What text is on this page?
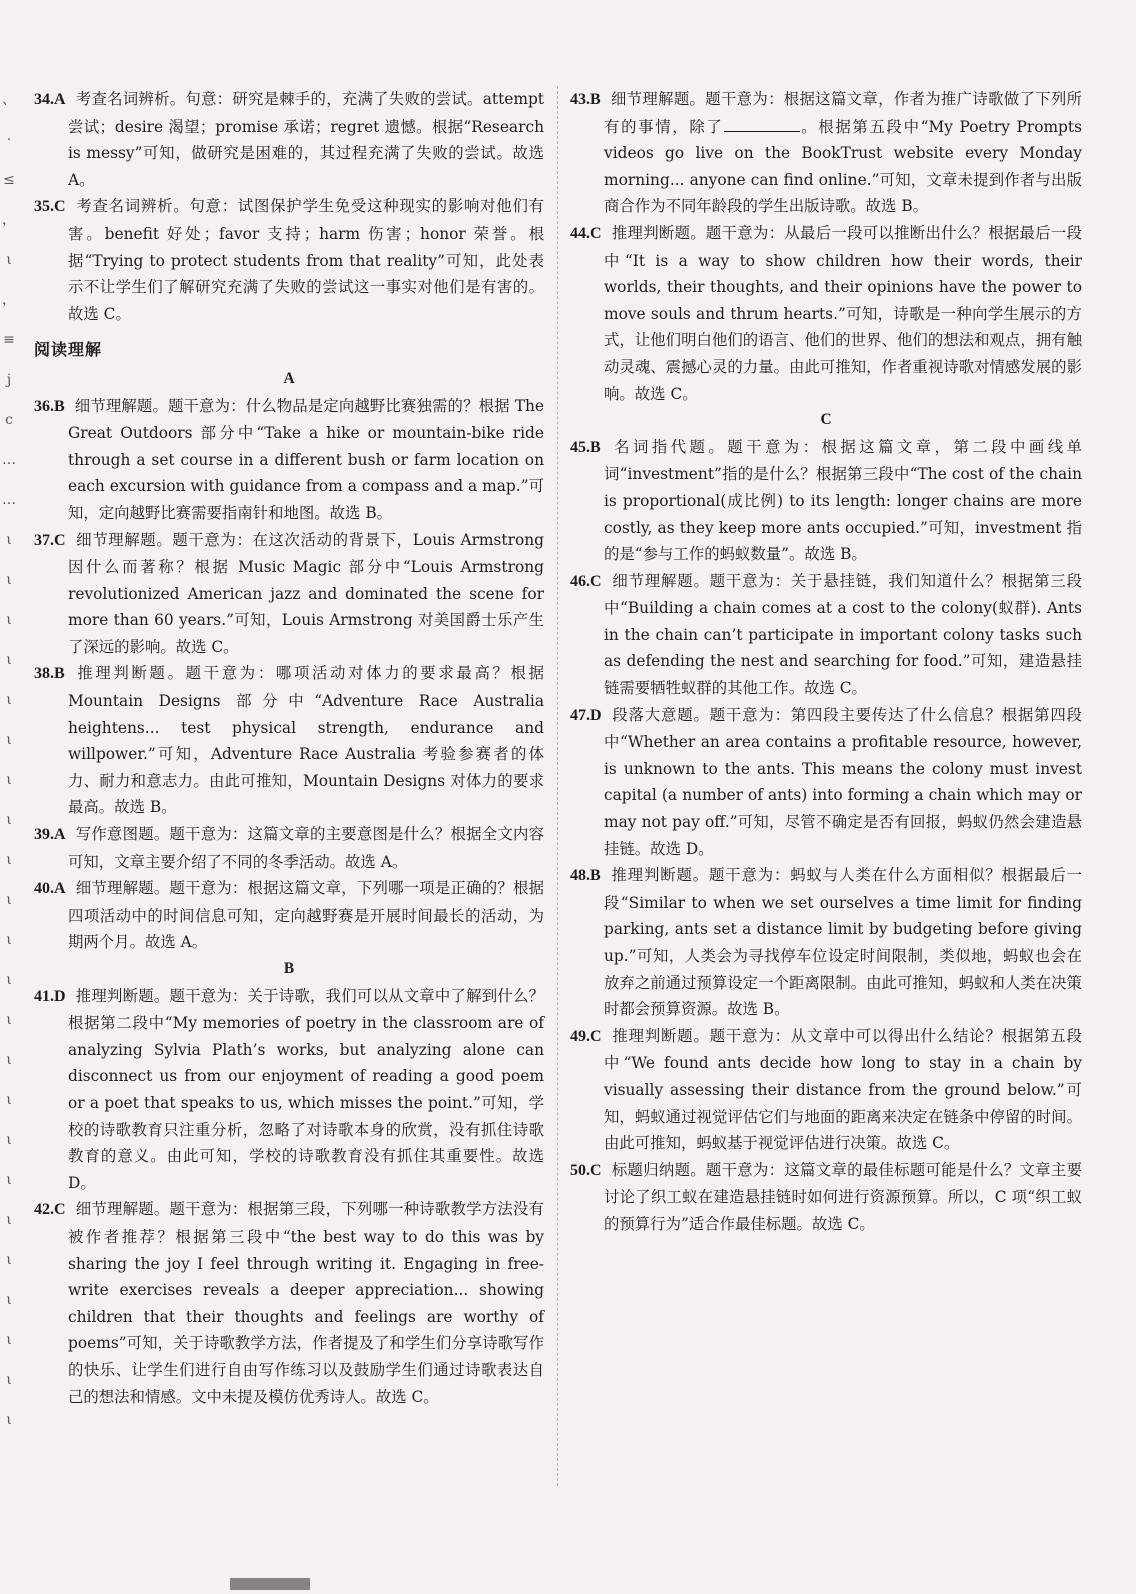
、
·
≤
，
ι
，
≡
j
c
…
…
ι
ι
ι
ι
ι
ι
ι
ι
ι
ι
ι
ι
ι
ι
ι
ι
ι
ι
ι
ι
ι
ι
ι

34.A 考查名词辨析。句意：研究是棘手的，充满了失败的尝试。attempt 尝试；desire 渴望；promise 承诺；regret 遗憾。根据“Research is messy”可知，做研究是困难的，其过程充满了失败的尝试。故选 A。

35.C 考查名词辨析。句意：试图保护学生免受这种现实的影响对他们有害。benefit 好处；favor 支持；harm 伤害；honor 荣誉。根据“Trying to protect students from that reality”可知，此处表示不让学生们了解研究充满了失败的尝试这一事实对他们是有害的。故选 C。

阅读理解

A

36.B 细节理解题。题干意为：什么物品是定向越野比赛独需的？根据 The Great Outdoors 部分中“Take a hike or mountain-bike ride through a set course in a different bush or farm location on each excursion with guidance from a compass and a map.”可知，定向越野比赛需要指南针和地图。故选 B。

37.C 细节理解题。题干意为：在这次活动的背景下，Louis Armstrong 因什么而著称？根据 Music Magic 部分中“Louis Armstrong revolutionized American jazz and dominated the scene for more than 60 years.”可知，Louis Armstrong 对美国爵士乐产生了深远的影响。故选 C。

38.B 推理判断题。题干意为：哪项活动对体力的要求最高？根据 Mountain Designs 部分中“Adventure Race Australia heightens... test physical strength, endurance and willpower.”可知，Adventure Race Australia 考验参赛者的体力、耐力和意志力。由此可推知，Mountain Designs 对体力的要求最高。故选 B。

39.A 写作意图题。题干意为：这篇文章的主要意图是什么？根据全文内容可知，文章主要介绍了不同的冬季活动。故选 A。

40.A 细节理解题。题干意为：根据这篇文章，下列哪一项是正确的？根据四项活动中的时间信息可知，定向越野赛是开展时间最长的活动，为期两个月。故选 A。

B

41.D 推理判断题。题干意为：关于诗歌，我们可以从文章中了解到什么？根据第二段中“My memories of poetry in the classroom are of analyzing Sylvia Plath’s works, but analyzing alone can disconnect us from our enjoyment of reading a good poem or a poet that speaks to us, which misses the point.”可知，学校的诗歌教育只注重分析，忽略了对诗歌本身的欣赏，没有抓住诗歌教育的意义。由此可知，学校的诗歌教育没有抓住其重要性。故选 D。

42.C 细节理解题。题干意为：根据第三段，下列哪一种诗歌教学方法没有被作者推荐？根据第三段中“the best way to do this was by sharing the joy I feel through writing it. Engaging in free-write exercises reveals a deeper appreciation... showing children that their thoughts and feelings are worthy of poems”可知，关于诗歌教学方法，作者提及了和学生们分享诗歌写作的快乐、让学生们进行自由写作练习以及鼓励学生们通过诗歌表达自己的想法和情感。文中未提及模仿优秀诗人。故选 C。

43.B 细节理解题。题干意为：根据这篇文章，作者为推广诗歌做了下列所有的事情，除了	。根据第五段中“My Poetry Prompts videos go live on the BookTrust website every Monday morning... anyone can find online.”可知，文章未提到作者与出版商合作为不同年龄段的学生出版诗歌。故选 B。

44.C 推理判断题。题干意为：从最后一段可以推断出什么？根据最后一段中“It is a way to show children how their words, their worlds, their thoughts, and their opinions have the power to move souls and thrum hearts.”可知，诗歌是一种向学生展示的方式，让他们明白他们的语言、他们的世界、他们的想法和观点，拥有触动灵魂、震撼心灵的力量。由此可推知，作者重视诗歌对情感发展的影响。故选 C。

C

45.B 名词指代题。题干意为：根据这篇文章，第二段中画线单词“investment”指的是什么？根据第三段中“The cost of the chain is proportional(成比例) to its length: longer chains are more costly, as they keep more ants occupied.”可知，investment 指的是“参与工作的蚂蚁数量”。故选 B。

46.C 细节理解题。题干意为：关于悬挂链，我们知道什么？根据第三段中“Building a chain comes at a cost to the colony(蚁群). Ants in the chain can’t participate in important colony tasks such as defending the nest and searching for food.”可知，建造悬挂链需要牺牲蚁群的其他工作。故选 C。

47.D 段落大意题。题干意为：第四段主要传达了什么信息？根据第四段中“Whether an area contains a profitable resource, however, is unknown to the ants. This means the colony must invest capital (a number of ants) into forming a chain which may or may not pay off.”可知，尽管不确定是否有回报，蚂蚁仍然会建造悬挂链。故选 D。

48.B 推理判断题。题干意为：蚂蚁与人类在什么方面相似？根据最后一段“Similar to when we set ourselves a time limit for finding parking, ants set a distance limit by budgeting before giving up.”可知，人类会为寻找停车位设定时间限制，类似地，蚂蚁也会在放弃之前通过预算设定一个距离限制。由此可推知，蚂蚁和人类在决策时都会预算资源。故选 B。

49.C 推理判断题。题干意为：从文章中可以得出什么结论？根据第五段中“We found ants decide how long to stay in a chain by visually assessing their distance from the ground below.”可知，蚂蚁通过视觉评估它们与地面的距离来决定在链条中停留的时间。由此可推知，蚂蚁基于视觉评估进行决策。故选 C。

50.C 标题归纳题。题干意为：这篇文章的最佳标题可能是什么？文章主要讨论了织工蚁在建造悬挂链时如何进行资源预算。所以，C 项“织工蚁的预算行为”适合作最佳标题。故选 C。
